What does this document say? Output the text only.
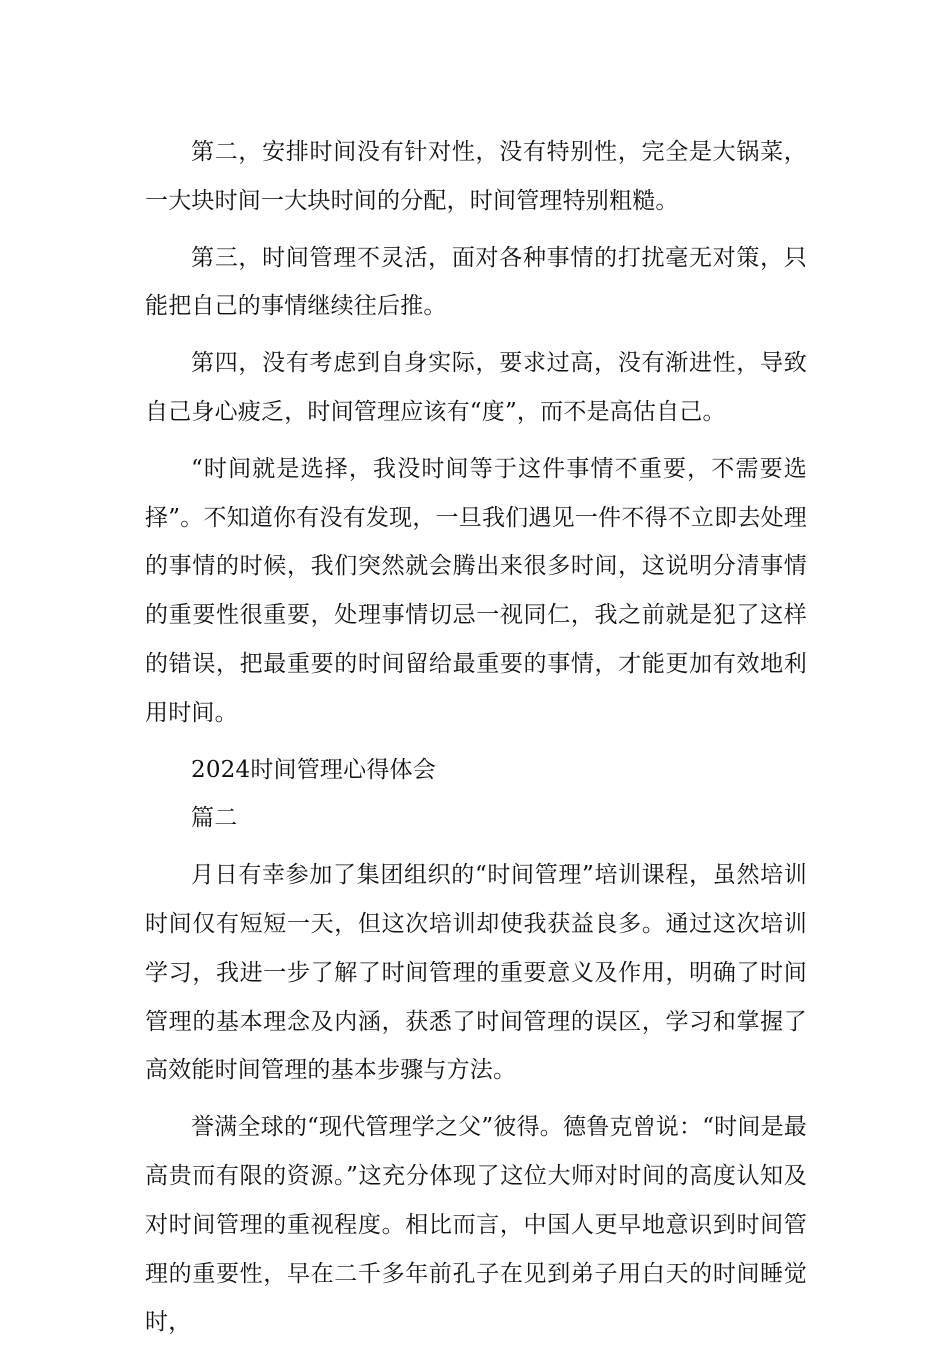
第二，安排时间没有针对性，没有特别性，完全是大锅菜，一大块时间一大块时间的分配，时间管理特别粗糙。

第三，时间管理不灵活，面对各种事情的打扰毫无对策，只能把自己的事情继续往后推。

第四，没有考虑到自身实际，要求过高，没有渐进性，导致自己身心疲乏，时间管理应该有“度”，而不是高估自己。

“时间就是选择，我没时间等于这件事情不重要，不需要选择”。不知道你有没有发现，一旦我们遇见一件不得不立即去处理的事情的时候，我们突然就会腾出来很多时间，这说明分清事情的重要性很重要，处理事情切忌一视同仁，我之前就是犯了这样的错误，把最重要的时间留给最重要的事情，才能更加有效地利用时间。

2024时间管理心得体会

篇二

月日有幸参加了集团组织的“时间管理”培训课程，虽然培训时间仅有短短一天，但这次培训却使我获益良多。通过这次培训学习，我进一步了解了时间管理的重要意义及作用，明确了时间管理的基本理念及内涵，获悉了时间管理的误区，学习和掌握了高效能时间管理的基本步骤与方法。

誉满全球的“现代管理学之父”彼得。德鲁克曾说：“时间是最高贵而有限的资源。”这充分体现了这位大师对时间的高度认知及对时间管理的重视程度。相比而言，中国人更早地意识到时间管理的重要性，早在二千多年前孔子在见到弟子用白天的时间睡觉时，
